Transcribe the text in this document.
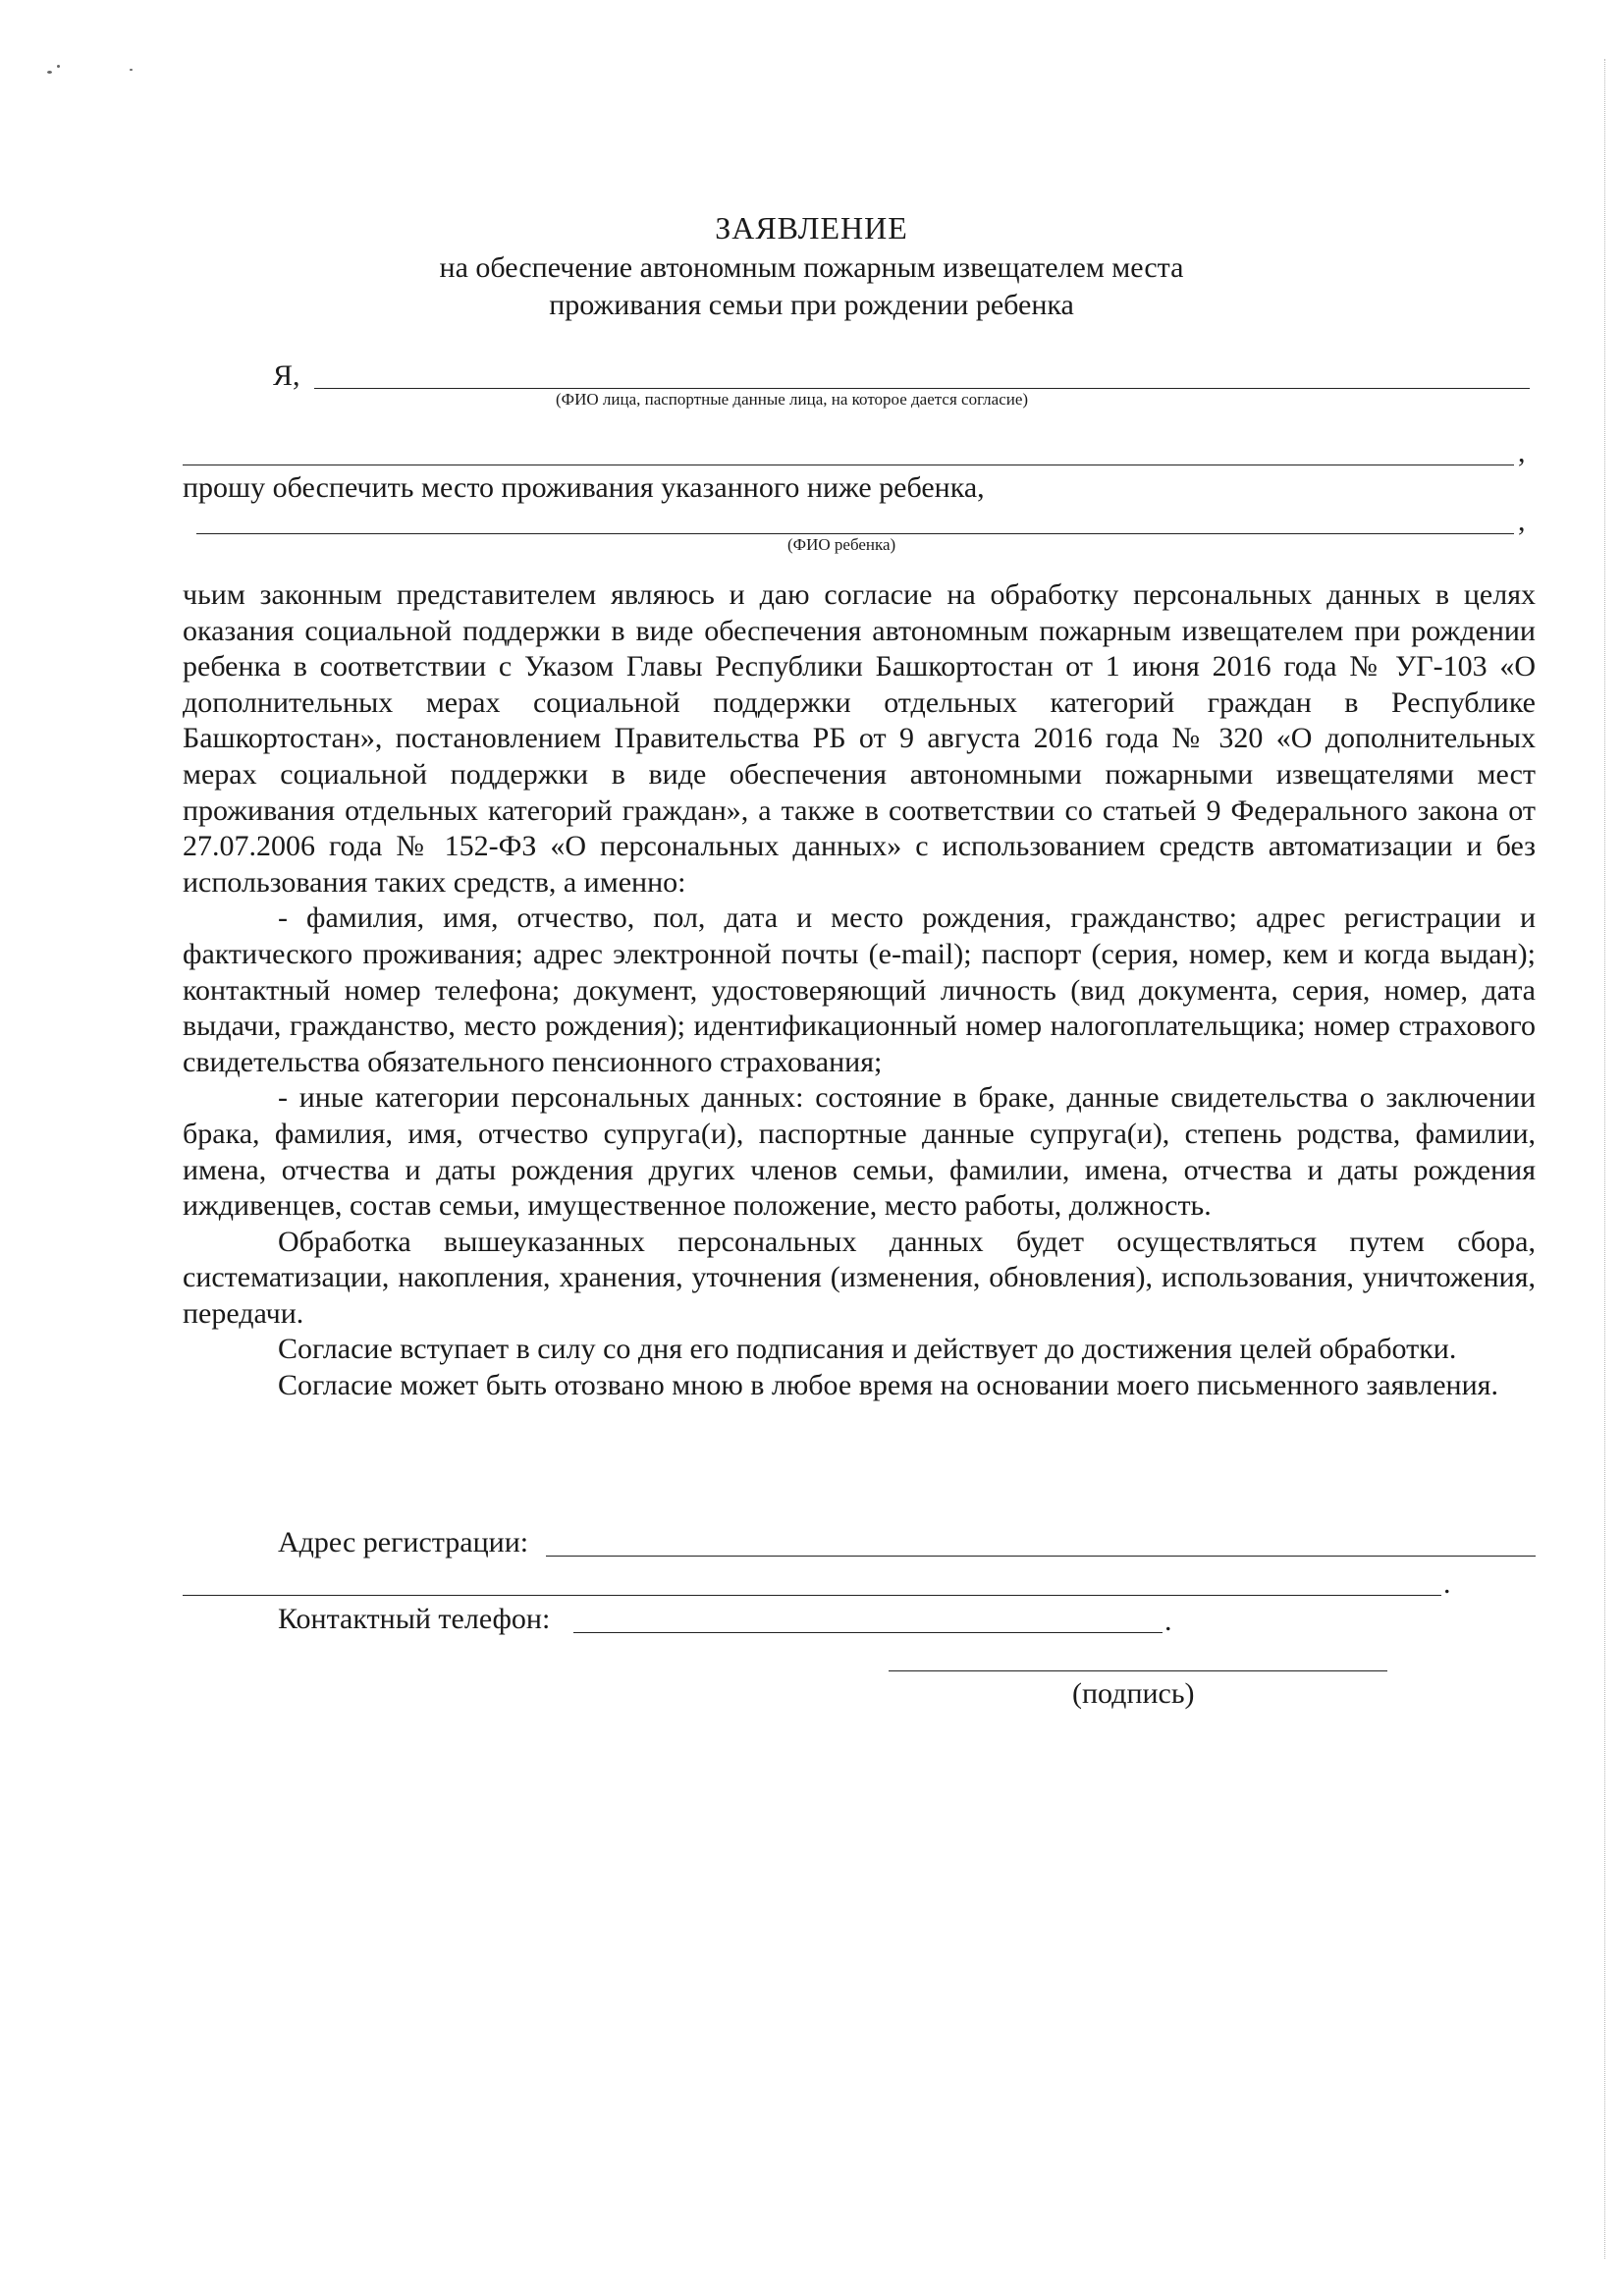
ЗАЯВЛЕНИЕ
на обеспечение автономным пожарным извещателем места
проживания семьи при рождении ребенка
Я,
(ФИО лица, паспортные данные лица, на которое дается согласие)
,
прошу обеспечить место проживания указанного ниже ребенка,
,
(ФИО ребенка)

чьим законным представителем являюсь и даю согласие на обработку персональных данных в целях оказания социальной поддержки в виде обеспечения автономным пожарным извещателем при рождении ребенка в соответствии с Указом Главы Республики Башкортостан от 1 июня 2016 года № УГ-103 «О дополнительных мерах социальной поддержки отдельных категорий граждан в Республике Башкортостан», постановлением Правительства РБ от 9 августа 2016 года № 320 «О дополнительных мерах социальной поддержки в виде обеспечения автономными пожарными извещателями мест проживания отдельных категорий граждан», а также в соответствии со статьей 9 Федерального закона от 27.07.2006 года № 152-ФЗ «О персональных данных» с использованием средств автоматизации и без использования таких средств, а именно:

- фамилия, имя, отчество, пол, дата и место рождения, гражданство; адрес регистрации и фактического проживания; адрес электронной почты (e-mail); паспорт (серия, номер, кем и когда выдан); контактный номер телефона; документ, удостоверяющий личность (вид документа, серия, номер, дата выдачи, гражданство, место рождения); идентификационный номер налогоплательщика; номер страхового свидетельства обязательного пенсионного страхования;

- иные категории персональных данных: состояние в браке, данные свидетельства о заключении брака, фамилия, имя, отчество супруга(и), паспортные данные супруга(и), степень родства, фамилии, имена, отчества и даты рождения других членов семьи, фамилии, имена, отчества и даты рождения иждивенцев, состав семьи, имущественное положение, место работы, должность.

Обработка вышеуказанных персональных данных будет осуществляться путем сбора, систематизации, накопления, хранения, уточнения (изменения, обновления), использования, уничтожения, передачи.

Согласие вступает в силу со дня его подписания и действует до достижения целей обработки.

Согласие может быть отозвано мною в любое время на основании моего письменного заявления.

Адрес регистрации:
.
Контактный телефон:	.
(подпись)
